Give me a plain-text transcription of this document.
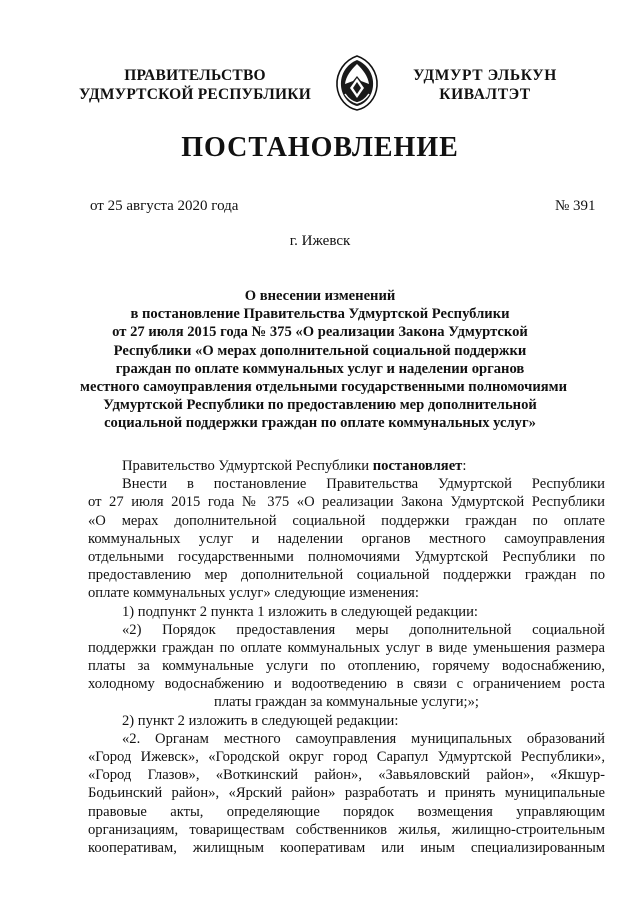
ПРАВИТЕЛЬСТВО
УДМУРТСКОЙ РЕСПУБЛИКИ
УДМУРТ ЭЛЬКУН
КИВАЛТЭТ
ПОСТАНОВЛЕНИЕ
от 25 августа 2020 года	№ 391
г. Ижевск
О внесении изменений
в постановление Правительства Удмуртской Республики
от 27 июля 2015 года № 375 «О реализации Закона Удмуртской
Республики «О мерах дополнительной социальной поддержки
граждан по оплате коммунальных услуг и наделении органов
местного самоуправления отдельными государственными полномочиями
Удмуртской Республики по предоставлению мер дополнительной
социальной поддержки граждан по оплате коммунальных услуг»
Правительство Удмуртской Республики постановляет:
Внести в постановление Правительства Удмуртской Республики
от 27 июля 2015 года № 375 «О реализации Закона Удмуртской Республики
«О мерах дополнительной социальной поддержки граждан по оплате
коммунальных услуг и наделении органов местного самоуправления
отдельными государственными полномочиями Удмуртской Республики по
предоставлению мер дополнительной социальной поддержки граждан по
оплате коммунальных услуг» следующие изменения:
1) подпункт 2 пункта 1 изложить в следующей редакции:
«2) Порядок предоставления меры дополнительной социальной
поддержки граждан по оплате коммунальных услуг в виде уменьшения размера
платы за коммунальные услуги по отоплению, горячему водоснабжению,
холодному водоснабжению и водоотведению в связи с ограничением роста
платы граждан за коммунальные услуги;»;
2) пункт 2 изложить в следующей редакции:
«2. Органам местного самоуправления муниципальных образований
«Город Ижевск», «Городской округ город Сарапул Удмуртской Республики»,
«Город Глазов», «Воткинский район», «Завьяловский район», «Якшур-
Бодьинский район», «Ярский район» разработать и принять муниципальные
правовые акты, определяющие порядок возмещения управляющим
организациям, товариществам собственников жилья, жилищно-строительным
кооперативам, жилищным кооперативам или иным специализированным
